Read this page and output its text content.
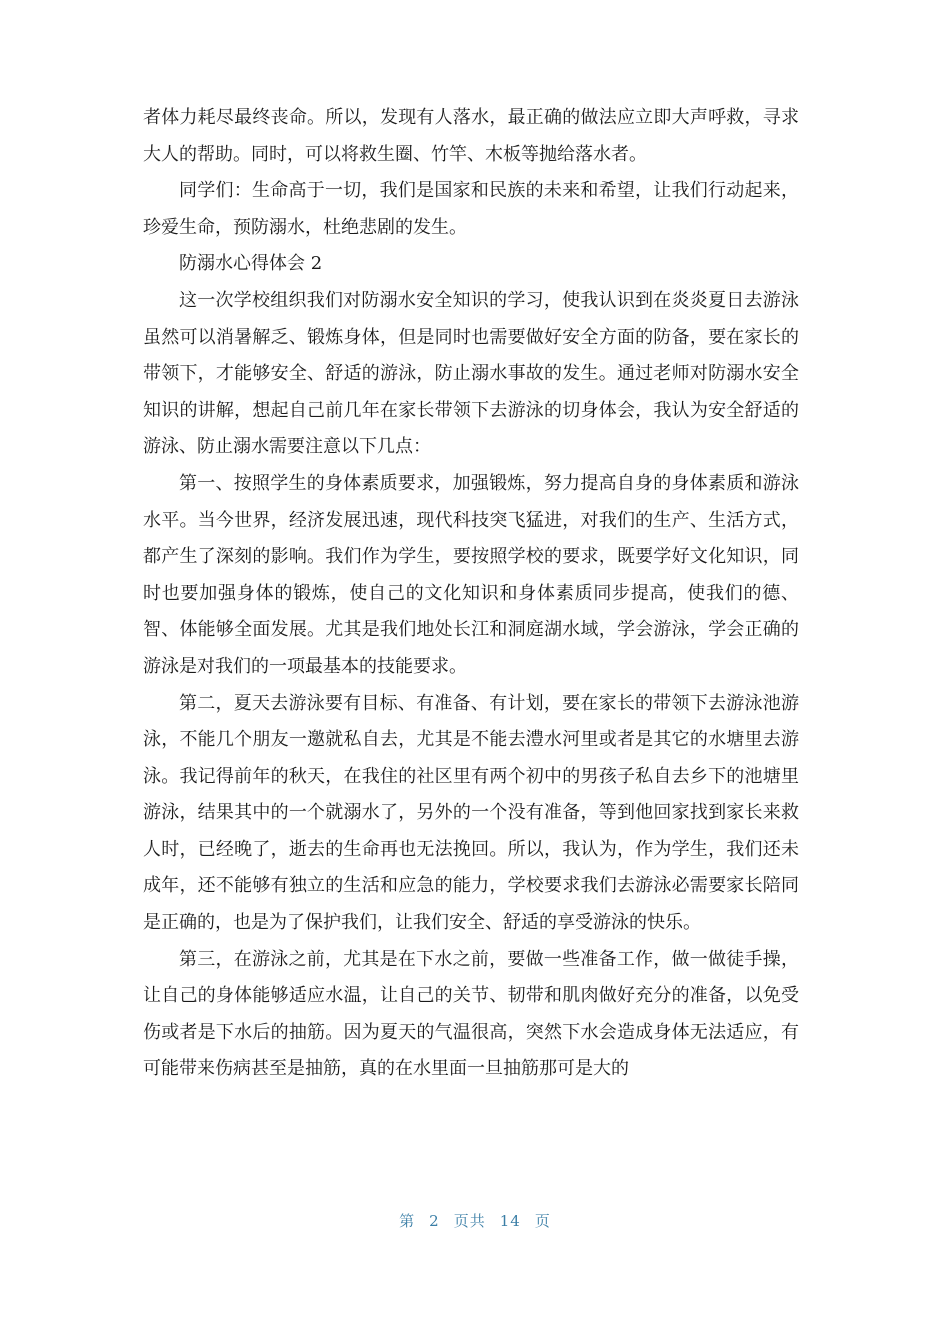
者体力耗尽最终丧命。所以，发现有人落水，最正确的做法应立即大声呼救，寻求大人的帮助。同时，可以将救生圈、竹竿、木板等抛给落水者。

同学们：生命高于一切，我们是国家和民族的未来和希望，让我们行动起来，珍爱生命，预防溺水，杜绝悲剧的发生。

防溺水心得体会 2

这一次学校组织我们对防溺水安全知识的学习，使我认识到在炎炎夏日去游泳虽然可以消暑解乏、锻炼身体，但是同时也需要做好安全方面的防备，要在家长的带领下，才能够安全、舒适的游泳，防止溺水事故的发生。通过老师对防溺水安全知识的讲解，想起自己前几年在家长带领下去游泳的切身体会，我认为安全舒适的游泳、防止溺水需要注意以下几点：

第一、按照学生的身体素质要求，加强锻炼，努力提高自身的身体素质和游泳水平。当今世界，经济发展迅速，现代科技突飞猛进，对我们的生产、生活方式，都产生了深刻的影响。我们作为学生，要按照学校的要求，既要学好文化知识，同时也要加强身体的锻炼，使自己的文化知识和身体素质同步提高，使我们的德、智、体能够全面发展。尤其是我们地处长江和洞庭湖水域，学会游泳，学会正确的游泳是对我们的一项最基本的技能要求。

第二，夏天去游泳要有目标、有准备、有计划，要在家长的带领下去游泳池游泳，不能几个朋友一邀就私自去，尤其是不能去澧水河里或者是其它的水塘里去游泳。我记得前年的秋天，在我住的社区里有两个初中的男孩子私自去乡下的池塘里游泳，结果其中的一个就溺水了，另外的一个没有准备，等到他回家找到家长来救人时，已经晚了，逝去的生命再也无法挽回。所以，我认为，作为学生，我们还未成年，还不能够有独立的生活和应急的能力，学校要求我们去游泳必需要家长陪同是正确的，也是为了保护我们，让我们安全、舒适的享受游泳的快乐。

第三，在游泳之前，尤其是在下水之前，要做一些准备工作，做一做徒手操，让自己的身体能够适应水温，让自己的关节、韧带和肌肉做好充分的准备，以免受伤或者是下水后的抽筋。因为夏天的气温很高，突然下水会造成身体无法适应，有可能带来伤病甚至是抽筋，真的在水里面一旦抽筋那可是大的

第 2 页共 14 页
